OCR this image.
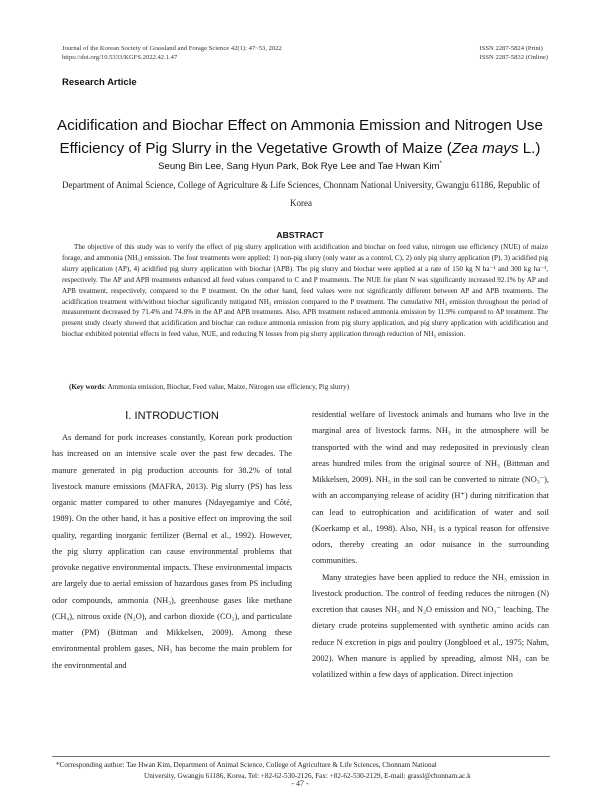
Journal of the Korean Society of Grassland and Forage Science 42(1): 47~53, 2022
https://doi.org/10.5333/KGFS.2022.42.1.47
ISSN 2287-5824 (Print)
ISSN 2287-5832 (Online)
Research Article
Acidification and Biochar Effect on Ammonia Emission and Nitrogen Use
Efficiency of Pig Slurry in the Vegetative Growth of Maize (Zea mays L.)
Seung Bin Lee, Sang Hyun Park, Bok Rye Lee and Tae Hwan Kim*
Department of Animal Science, College of Agriculture & Life Sciences, Chonnam National University, Gwangju 61186, Republic of Korea
ABSTRACT

The objective of this study was to verify the effect of pig slurry application with acidification and biochar on feed value, nitrogen use efficiency (NUE) of maize forage, and ammonia (NH₃) emission. The four treatments were applied: 1) non-pig slurry (only water as a control, C), 2) only pig slurry application (P), 3) acidified pig slurry application (AP), 4) acidified pig slurry application with biochar (APB). The pig slurry and biochar were applied at a rate of 150 kg N ha⁻¹ and 300 kg ha⁻¹, respectively. The AP and APB treatments enhanced all feed values compared to C and P treatments. The NUE for plant N was significantly increased 92.1% by AP and APB treatment, respectively, compared to the P treatment. On the other hand, feed values were not significantly different between AP and APB treatments. The acidification treatment with/without biochar significantly mitigated NH₃ emission compared to the P treatment. The cumulative NH₃ emission throughout the period of measurement decreased by 71.4% and 74.8% in the AP and APB treatments. Also, APB treatment reduced ammonia emission by 11.9% compared to AP treatment. The present study clearly showed that acidification and biochar can reduce ammonia emission from pig slurry application, and pig slurry application with acidification and biochar exhibited potential effects in feed value, NUE, and reducing N losses from pig slurry application through reduction of NH₃ emission.

(Key words: Ammonia emission, Biochar, Feed value, Maize, Nitrogen use efficiency, Pig slurry)
Ⅰ. INTRODUCTION

As demand for pork increases constantly, Korean pork production has increased on an intensive scale over the past few decades. The manure generated in pig production accounts for 38.2% of total livestock manure emissions (MAFRA, 2013). Pig slurry (PS) has less organic matter compared to other manures (Ndayegamiye and Côté, 1989). On the other hand, it has a positive effect on improving the soil quality, regarding inorganic fertilizer (Bernal et al., 1992). However, the pig slurry application can cause environmental problems that provoke negative environmental impacts. These environmental impacts are largely due to aerial emission of hazardous gases from PS including odor compounds, ammonia (NH₃), greenhouse gases like methane (CH₄), nitrous oxide (N₂O), and carbon dioxide (CO₂), and particulate matter (PM) (Bittman and Mikkelsen, 2009). Among these environmental problem gases, NH₃ has become the main problem for the environmental and

residential welfare of livestock animals and humans who live in the marginal area of livestock farms. NH₃ in the atmosphere will be transported with the wind and may redeposited in previously clean areas hundred miles from the original source of NH₃ (Bittman and Mikkelsen, 2009). NH₃ in the soil can be converted to nitrate (NO₃⁻), with an accompanying release of acidity (H⁺) during nitrification that can lead to eutrophication and acidification of water and soil (Koerkamp et al., 1998). Also, NH₃ is a typical reason for offensive odors, thereby creating an odor nuisance in the surrounding communities.

Many strategies have been applied to reduce the NH₃ emission in livestock production. The control of feeding reduces the nitrogen (N) excretion that causes NH₃ and N₂O emission and NO₃⁻ leaching. The dietary crude proteins supplemented with synthetic amino acids can reduce N excretion in pigs and poultry (Jongbloed et al., 1975; Nahm, 2002). When manure is applied by spreading, almost NH₃ can be volatilized within a few days of application. Direct injection

*Corresponding author: Tae Hwan Kim, Department of Animal Science, College of Agriculture & Life Sciences, Chonnam National
University, Gwangju 61186, Korea, Tel: +82-62-530-2126, Fax: +82-62-530-2129, E-mail: grassl@chonnam.ac.k
- 47 -
